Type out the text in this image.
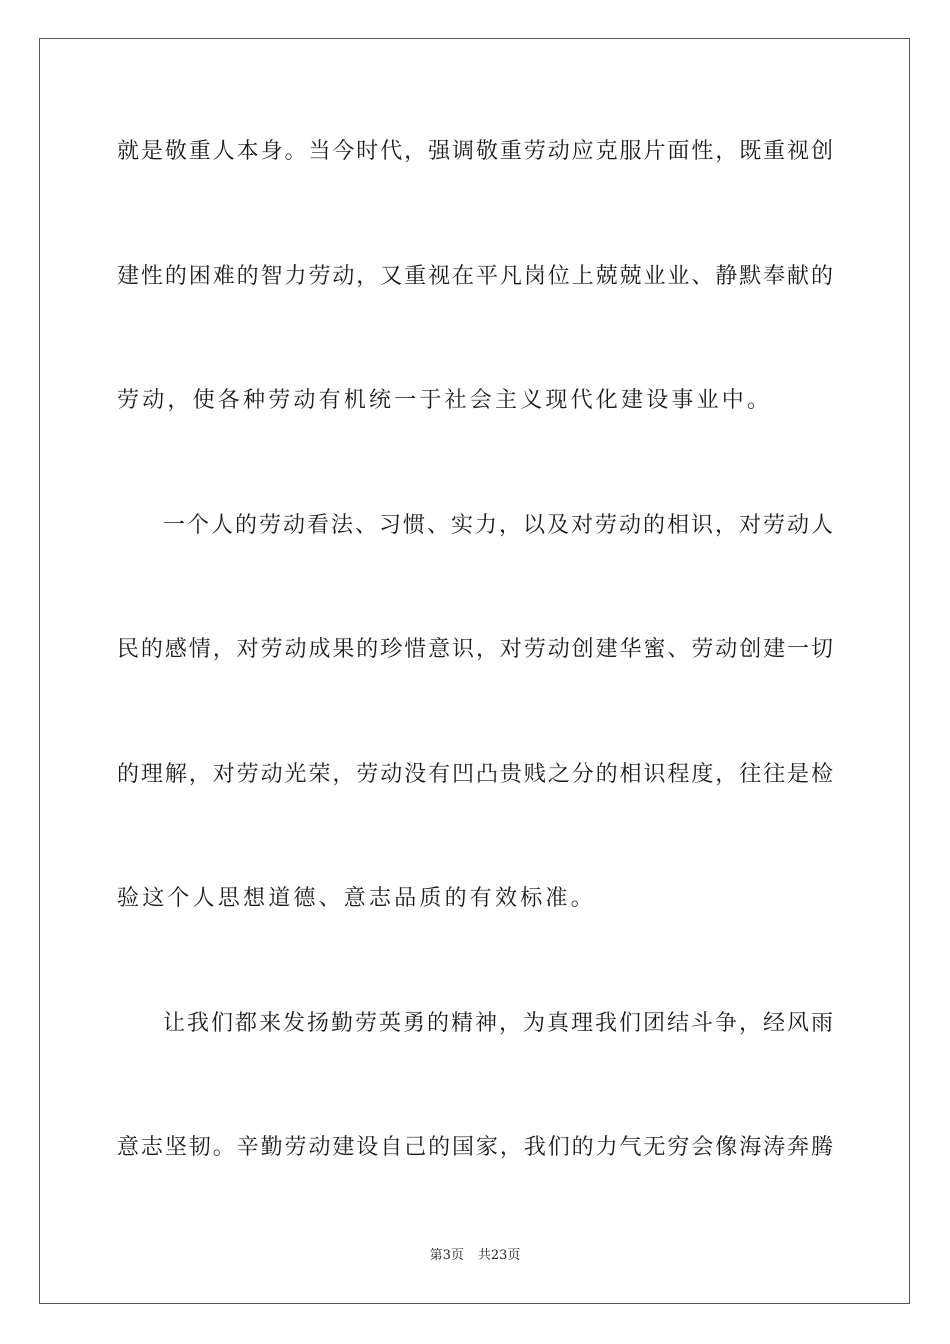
就是敬重人本身。当今时代，强调敬重劳动应克服片面性，既重视创
建性的困难的智力劳动，又重视在平凡岗位上兢兢业业、静默奉献的
劳动，使各种劳动有机统一于社会主义现代化建设事业中。
一个人的劳动看法、习惯、实力，以及对劳动的相识，对劳动人
民的感情，对劳动成果的珍惜意识，对劳动创建华蜜、劳动创建一切
的理解，对劳动光荣，劳动没有凹凸贵贱之分的相识程度，往往是检
验这个人思想道德、意志品质的有效标准。
让我们都来发扬勤劳英勇的精神，为真理我们团结斗争，经风雨
意志坚韧。辛勤劳动建设自己的国家，我们的力气无穷会像海涛奔腾
第3页 共23页
